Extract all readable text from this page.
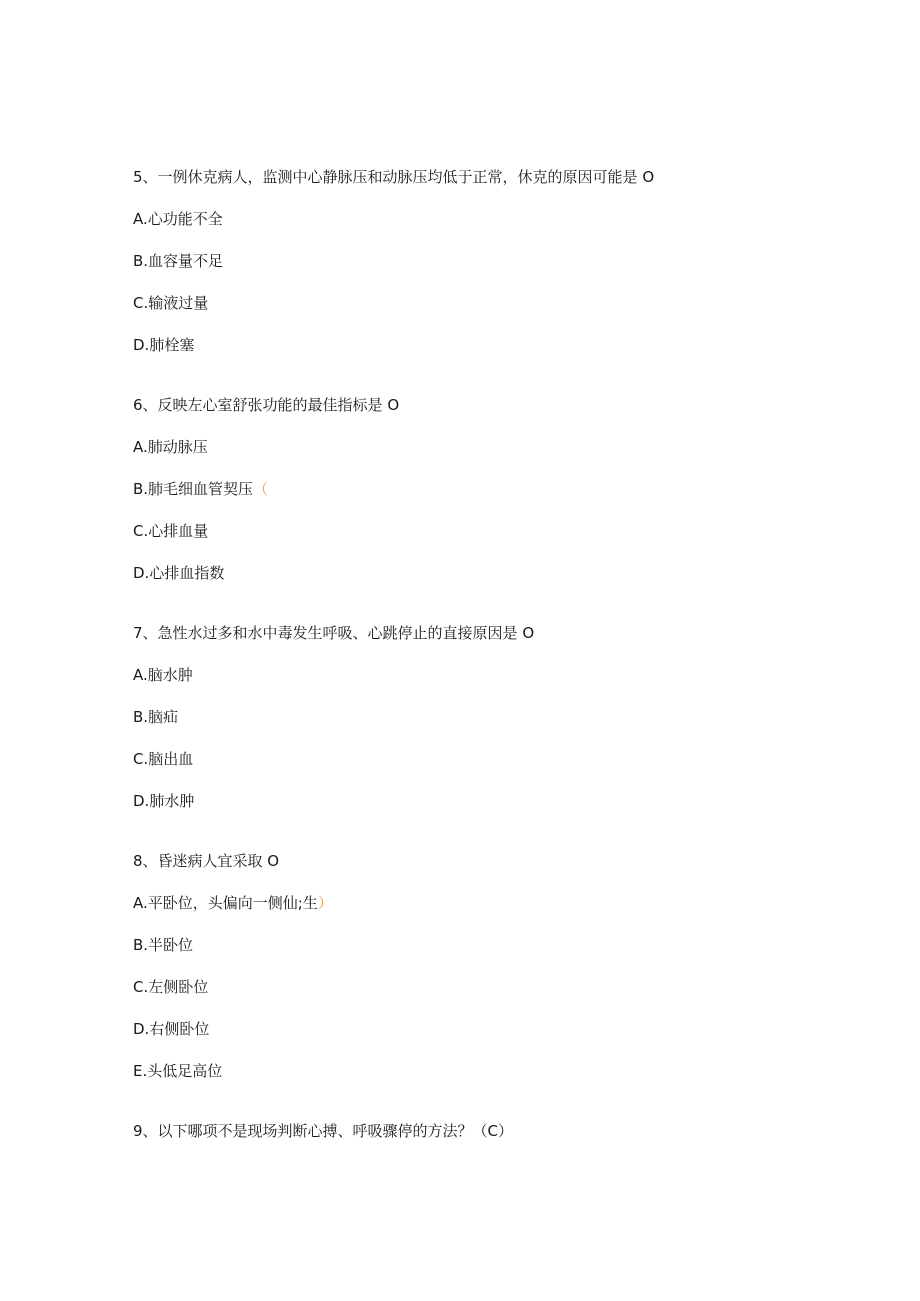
5、一例休克病人，监测中心静脉压和动脉压均低于正常，休克的原因可能是 O
A.心功能不全
B.血容量不足
C.输液过量
D.肺栓塞
6、反映左心室舒张功能的最佳指标是 O
A.肺动脉压
B.肺毛细血管契压（
C.心排血量
D.心排血指数
7、急性水过多和水中毒发生呼吸、心跳停止的直接原因是 O
A.脑水肿
B.脑疝
C.脑出血
D.肺水肿
8、昏迷病人宜采取 O
A.平卧位，头偏向一侧仙;生）
B.半卧位
C.左侧卧位
D.右侧卧位
E.头低足高位
9、以下哪项不是现场判断心搏、呼吸骤停的方法？（C）
